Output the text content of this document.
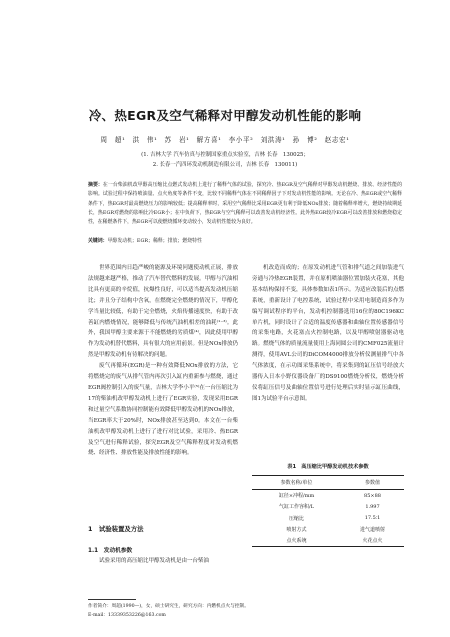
冷、热EGR及空气稀释对甲醇发动机性能的影响
周　超¹　洪　伟¹　苏　岩¹　解方喜¹　李小平²　刘洪涛¹　孙　博²　赵志宏¹
(1. 吉林大学 汽车仿真与控制国家重点实验室，吉林 长春　130025；
2. 长春一汽四环发动机制造有限公司，吉林 长春　130011)
摘要：在一台柴油机改甲醇高压缩比点燃式发动机上进行了稀释气体的试验，探究冷、热EGR及空气稀释对甲醇发动机燃烧、排放、经济性能的影响。试验过程中保持喷油量、点火角度等条件不变，比较不同稀释气体在不同稀释因子下对发动机性能的影响。无论在冷、热EGR或空气稀释条件下，热EGR对最高燃烧压力的影响较低；提高稀释率时，采用空气稀释比采用EGR更有利于降低NOx排放；随着稀释率增大，燃烧持续期延长，热EGR对燃烧的影响比冷EGR小；在中负荷下，热EGR与空气稀释可以改善发动机经济性。此外热EGR较冷EGR可以改善排放和燃烧稳定性，在稀燃条件下，热EGR可以使燃烧循环变动较小，发动机性能较为良好。
关键词：甲醇发动机；EGR；稀释；排放；燃烧特性

世界范围内日趋严峻的能源及环境问题使动机正展，排放法规越来越严格，推动了汽车替代燃料的发展。甲醇与汽油相比具有更高的辛烷值，抗爆性良好，可以适当提高发动机压缩比；并且分子结构中含氧，在燃烧完全燃烧的情况下，甲醇化学当量比较低，有助于完全燃烧，火焰传播速度快，有助于改善缸内燃烧情况，能够降低与传统汽油机相差的油耗⁽¹⁻³⁾。此外，我国甲醇主要来源于不能燃烧的劣质煤⁽⁴⁾，因此使用甲醇作为发动机替代燃料，具有很大的应用前景。但是NOx排放仍然是甲醇发动机有待解决的问题。

废气再循环(EGR)是一种有效降低NOx排放的方法，它将燃烧完的废气从排气管内再次引入缸内重新参与燃烧，通过EGR阀控制引入的废气量，吉林大学李小平⁽⁵⁾在一台压缩比为17的柴油机改甲醇发动机上进行了EGR实验，发现采用EGR和过量空气系数协同控制能有效降低甲醇发动机的NOx排放，当EGR率大于20%时，NOx排放甚至达到0。本文在一台柴油机改甲醇发动机上进行了进行对比试验，采用冷、热EGR及空气进行稀释试验，探究EGR及空气稀释程度对发动机燃烧、经济性、排放性能及排放性能的影响。

1　试验装置及方法
1.1　发动机参数

试验采用的高压缩比甲醇发动机是由一台柴油

机改造而成的；在原发动机进气管和排气道之间加装进气旁通与冷热EGR装置，并在原机喷油器位置加装火花塞，其他基本结构保持不变，具体参数如表1所示。为适应改装后的点燃系统，重新设计了电控系统，试验过程中采用电制造商多作为编写调试程序的平台，发动机控制器选用16位的80C196KC单片机，同时设计了合适的温度传感器和曲轴位置传感器信号的采集电路，火花塞点火控制电路，以及甲醇喷射器驱动电路。燃烧气体的质量流量使用上海同圆公司的CMF025流量计测得，使用AVL公司的DiCOM4000排放分析仪测量排气中各气体浓度，在示功图采集系统中，将采集到的缸压信号经放大器传入日本小野仪器设备厂的DS9100燃烧分析仪，燃烧分析仪将缸压信号及曲轴位置信号进行处理后实时显示缸压曲线，图1为试验平台示意图。

表1　高压缩比甲醇发动机技术参数
参数名称/单位	参数值
缸径×冲程/mm	85×88
气缸工作容积/L	1.997
压缩比	17.5∶1
喷射方式	进气道喷射
点火系统	火花点火
作者简介：周超(1990—)，女，硕士研究生，研究方向：内燃机点火与控制。
E-mail：13339353226@163.com
